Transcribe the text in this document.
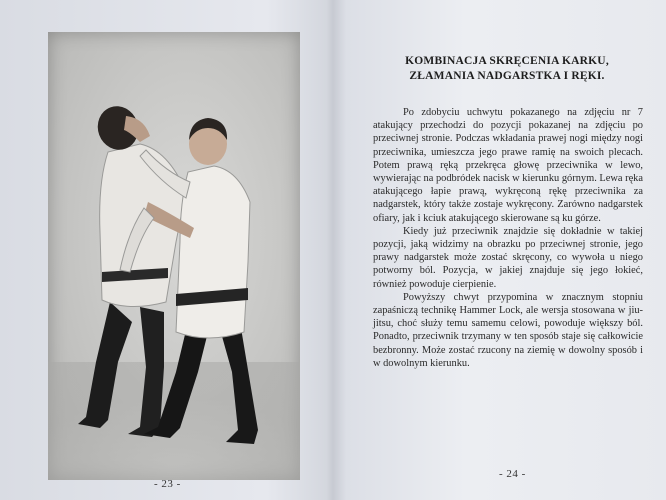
- 23 -
KOMBINACJA SKRĘCENIA KARKU, ZŁAMANIA NADGARSTKA I RĘKI.

Po zdobyciu uchwytu pokazanego na zdjęciu nr 7 atakujący przechodzi do pozycji pokazanej na zdjęciu po przeciwnej stronie. Podczas wkładania prawej nogi między nogi przeciwnika, umieszcza jego prawe ramię na swoich plecach. Potem prawą ręką przekręca głowę przeciwnika w lewo, wywierając na podbródek nacisk w kierunku górnym. Lewa ręka atakującego łapie prawą, wykręconą rękę przeciwnika za nadgarstek, który także zostaje wykręcony. Zarówno nadgarstek ofiary, jak i kciuk atakującego skierowane są ku górze.

Kiedy już przeciwnik znajdzie się dokładnie w takiej pozycji, jaką widzimy na obrazku po przeciwnej stronie, jego prawy nadgarstek może zostać skręcony, co wywoła u niego potworny ból. Pozycja, w jakiej znajduje się jego łokieć, również powoduje cierpienie.

Powyższy chwyt przypomina w znacznym stopniu zapaśniczą technikę Hammer Lock, ale wersja stosowana w jiu-jitsu, choć służy temu samemu celowi, powoduje większy ból. Ponadto, przeciwnik trzymany w ten sposób staje się całkowicie bezbronny. Może zostać rzucony na ziemię w dowolny sposób i w dowolnym kierunku.

- 24 -
